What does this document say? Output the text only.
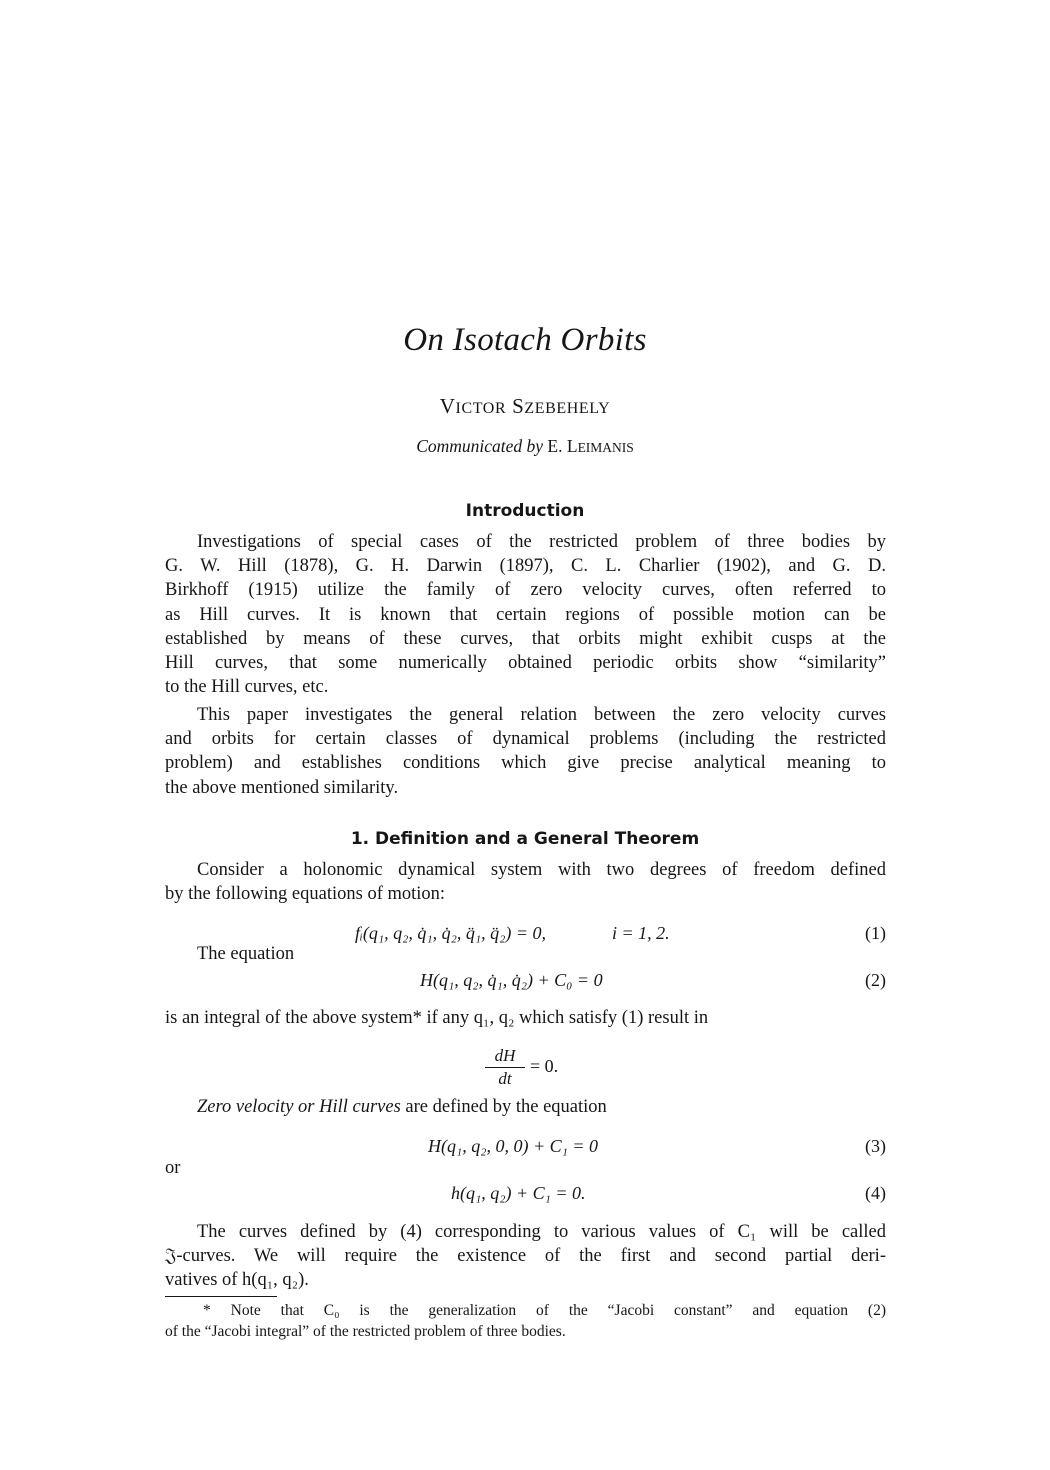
On Isotach Orbits
VICTOR SZEBEHELY
Communicated by E. LEIMANIS
Introduction
Investigations of special cases of the restricted problem of three bodies by
G. W. Hill (1878), G. H. Darwin (1897), C. L. Charlier (1902), and G. D.
Birkhoff (1915) utilize the family of zero velocity curves, often referred to
as Hill curves. It is known that certain regions of possible motion can be
established by means of these curves, that orbits might exhibit cusps at the
Hill curves, that some numerically obtained periodic orbits show “similarity”
to the Hill curves, etc.
This paper investigates the general relation between the zero velocity curves
and orbits for certain classes of dynamical problems (including the restricted
problem) and establishes conditions which give precise analytical meaning to
the above mentioned similarity.
1. Definition and a General Theorem
Consider a holonomic dynamical system with two degrees of freedom defined
by the following equations of motion:
fᵢ(q₁, q₂, q̇₁, q̇₂, q̈₁, q̈₂) = 0,	i = 1, 2.	(1)
The equation
H(q₁, q₂, q̇₁, q̇₂) + C₀ = 0	(2)
is an integral of the above system* if any q₁, q₂ which satisfy (1) result in
$\frac{dH}{dt} = 0$.
Zero velocity or Hill curves are defined by the equation
H(q₁, q₂, 0, 0) + C₁ = 0	(3)
or
h(q₁, q₂) + C₁ = 0.	(4)
The curves defined by (4) corresponding to various values of C₁ will be called
𝔍-curves. We will require the existence of the first and second partial deri-
vatives of h(q₁, q₂).
* Note that C₀ is the generalization of the “Jacobi constant” and equation (2)
of the “Jacobi integral” of the restricted problem of three bodies.
